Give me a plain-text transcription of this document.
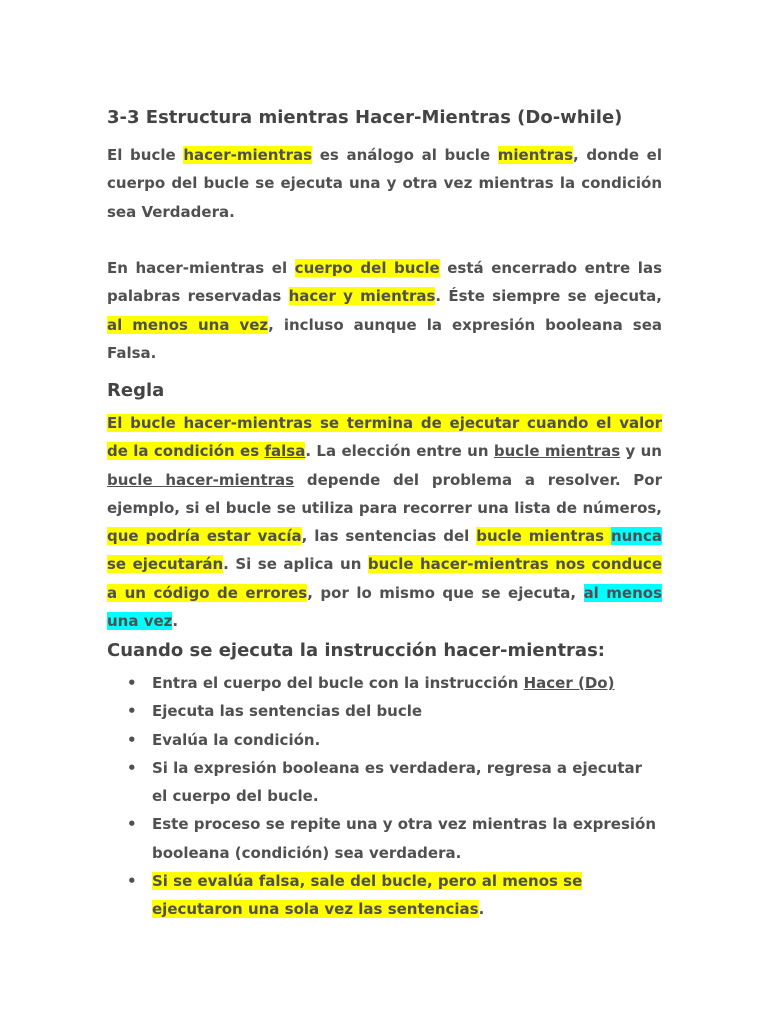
3-3 Estructura mientras Hacer-Mientras (Do-while)

El bucle hacer-mientras es análogo al bucle mientras, donde el cuerpo del bucle se ejecuta una y otra vez mientras la condición sea Verdadera.

En hacer-mientras el cuerpo del bucle está encerrado entre las palabras reservadas hacer y mientras. Éste siempre se ejecuta, al menos una vez, incluso aunque la expresión booleana sea Falsa.

Regla

El bucle hacer-mientras se termina de ejecutar cuando el valor de la condición es falsa. La elección entre un bucle mientras y un bucle hacer-mientras depende del problema a resolver. Por ejemplo, si el bucle se utiliza para recorrer una lista de números, que podría estar vacía, las sentencias del bucle mientras nunca se ejecutarán. Si se aplica un bucle hacer-mientras nos conduce a un código de errores, por lo mismo que se ejecuta, al menos una vez.

Cuando se ejecuta la instrucción hacer-mientras:
• Entra el cuerpo del bucle con la instrucción Hacer (Do)
• Ejecuta las sentencias del bucle
• Evalúa la condición.
• Si la expresión booleana es verdadera, regresa a ejecutar el cuerpo del bucle.
• Este proceso se repite una y otra vez mientras la expresión booleana (condición) sea verdadera.
• Si se evalúa falsa, sale del bucle, pero al menos se ejecutaron una sola vez las sentencias.
